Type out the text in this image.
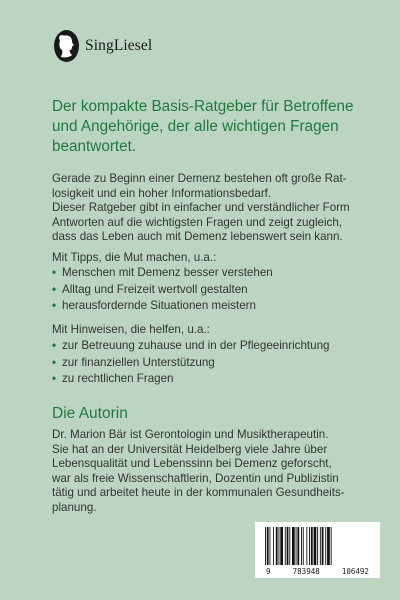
SingLiesel
Der kompakte Basis-Ratgeber für Betroffene und Angehörige, der alle wichtigen Fragen beantwortet.

Gerade zu Beginn einer Demenz bestehen oft große Rat-

losigkeit und ein hoher Informationsbedarf.

Dieser Ratgeber gibt in einfacher und verständlicher Form

Antworten auf die wichtigsten Fragen und zeigt zugleich,

dass das Leben auch mit Demenz lebenswert sein kann.

Mit Tipps, die Mut machen, u.a.:
• Menschen mit Demenz besser verstehen
• Alltag und Freizeit wertvoll gestalten
• herausfordernde Situationen meistern
Mit Hinweisen, die helfen, u.a.:
• zur Betreuung zuhause und in der Pflegeeinrichtung
• zur finanziellen Unterstützung
• zu rechtlichen Fragen
Die Autorin

Dr. Marion Bär ist Gerontologin und Musiktherapeutin.

Sie hat an der Universität Heidelberg viele Jahre über

Lebensqualität und Lebenssinn bei Demenz geforscht,

war als freie Wissenschaftlerin, Dozentin und Publizistin

tätig und arbeitet heute in der kommunalen Gesundheits-

planung.

9	783948	106492
